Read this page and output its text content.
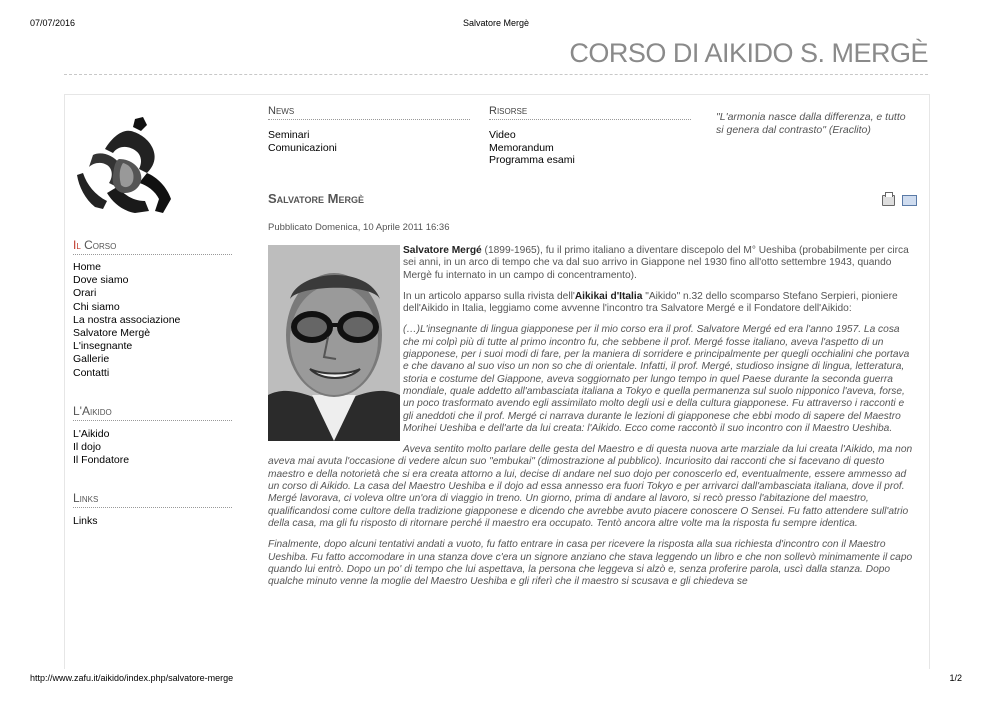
07/07/2016	Salvatore Mergè
CORSO DI AIKIDO S. MERGÈ
Il Corso
Home
Dove siamo
Orari
Chi siamo
La nostra associazione
Salvatore Mergè
L'insegnante
Gallerie
Contatti
L'Aikido
L'Aikido
Il dojo
Il Fondatore
Links
Links
News
Seminari
Comunicazioni
Risorse
Video
Memorandum
Programma esami
"L'armonia nasce dalla differenza, e tutto si genera dal contrasto" (Eraclito)
Salvatore Mergè

Pubblicato Domenica, 10 Aprile 2011 16:36

Salvatore Mergé (1899-1965), fu il primo italiano a diventare discepolo del M° Ueshiba (probabilmente per circa sei anni, in un arco di tempo che va dal suo arrivo in Giappone nel 1930 fino all'otto settembre 1943, quando Mergè fu internato in un campo di concentramento).

In un articolo apparso sulla rivista dell'Aikikai d'Italia "Aikido" n.32 dello scomparso Stefano Serpieri, pioniere dell'Aikido in Italia, leggiamo come avvenne l'incontro tra Salvatore Mergé e il Fondatore dell'Aikido:

(…)L'insegnante di lingua giapponese per il mio corso era il prof. Salvatore Mergé ed era l'anno 1957. La cosa che mi colpì più di tutte al primo incontro fu, che sebbene il prof. Mergé fosse italiano, aveva l'aspetto di un giapponese, per i suoi modi di fare, per la maniera di sorridere e principalmente per quegli occhialini che portava e che davano al suo viso un non so che di orientale. Infatti, il prof. Mergé, studioso insigne di lingua, letteratura, storia e costume del Giappone, aveva soggiornato per lungo tempo in quel Paese durante la seconda guerra mondiale, quale addetto all'ambasciata italiana a Tokyo e quella permanenza sul suolo nipponico l'aveva, forse, un poco trasformato avendo egli assimilato molto degli usi e della cultura giapponese. Fu attraverso i racconti e gli aneddoti che il prof. Mergé ci narrava durante le lezioni di giapponese che ebbi modo di sapere del Maestro Morihei Ueshiba e dell'arte da lui creata: l'Aikido. Ecco come raccontò il suo incontro con il Maestro Ueshiba.

Aveva sentito molto parlare delle gesta del Maestro e di questa nuova arte marziale da lui creata l'Aikido, ma non aveva mai avuta l'occasione di vedere alcun suo "embukai" (dimostrazione al pubblico). Incuriosito dai racconti che si facevano di questo maestro e della notorietà che si era creata attorno a lui, decise di andare nel suo dojo per conoscerlo ed, eventualmente, essere ammesso ad un corso di Aikido. La casa del Maestro Ueshiba e il dojo ad essa annesso era fuori Tokyo e per arrivarci dall'ambasciata italiana, dove il prof. Mergé lavorava, ci voleva oltre un'ora di viaggio in treno. Un giorno, prima di andare al lavoro, si recò presso l'abitazione del maestro, qualificandosi come cultore della tradizione giapponese e dicendo che avrebbe avuto piacere conoscere O Sensei. Fu fatto attendere sull'atrio della casa, ma gli fu risposto di ritornare perché il maestro era occupato. Tentò ancora altre volte ma la risposta fu sempre identica.

Finalmente, dopo alcuni tentativi andati a vuoto, fu fatto entrare in casa per ricevere la risposta alla sua richiesta d'incontro con il Maestro Ueshiba. Fu fatto accomodare in una stanza dove c'era un signore anziano che stava leggendo un libro e che non sollevò minimamente il capo quando lui entrò. Dopo un po' di tempo che lui aspettava, la persona che leggeva si alzò e, senza proferire parola, uscì dalla stanza. Dopo qualche minuto venne la moglie del Maestro Ueshiba e gli riferì che il maestro si scusava e gli chiedeva se

http://www.zafu.it/aikido/index.php/salvatore-merge	1/2
